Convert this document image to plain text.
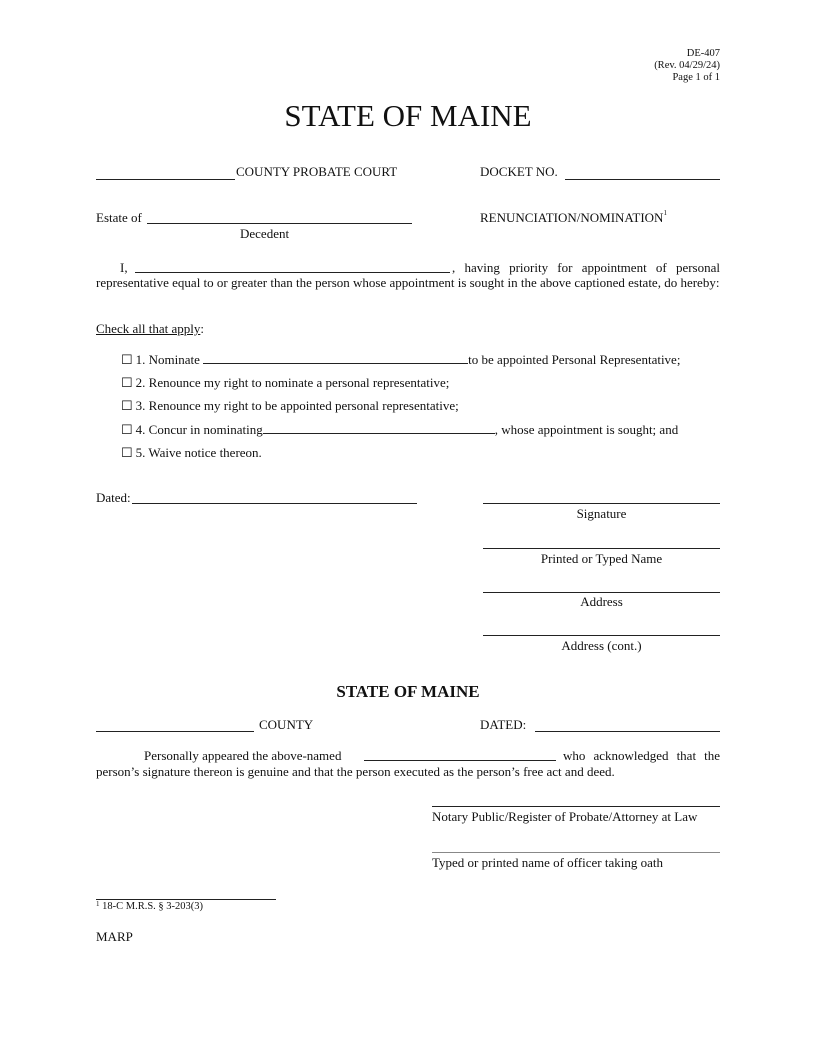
DE-407
(Rev. 04/29/24)
Page 1 of 1
STATE OF MAINE
COUNTY PROBATE COURT	DOCKET NO.
Estate of
Decedent
RENUNCIATION/NOMINATION$^1$
I,	, having priority for appointment of personal
representative equal to or greater than the person whose appointment is sought in the above captioned estate, do hereby:
Check all that apply:
☐ 1. Nominate	to be appointed Personal Representative;
☐ 2. Renounce my right to nominate a personal representative;
☐ 3. Renounce my right to be appointed personal representative;
☐ 4. Concur in nominating	, whose appointment is sought; and
☐ 5. Waive notice thereon.
Dated:
Signature
Printed or Typed Name
Address
Address (cont.)
STATE OF MAINE
COUNTY	DATED:
Personally appeared the above-named	who acknowledged that the
person’s signature thereon is genuine and that the person executed as the person’s free act and deed.
Notary Public/Register of Probate/Attorney at Law
Typed or printed name of officer taking oath
$^1$ 18-C M.R.S. § 3-203(3)
MARP
